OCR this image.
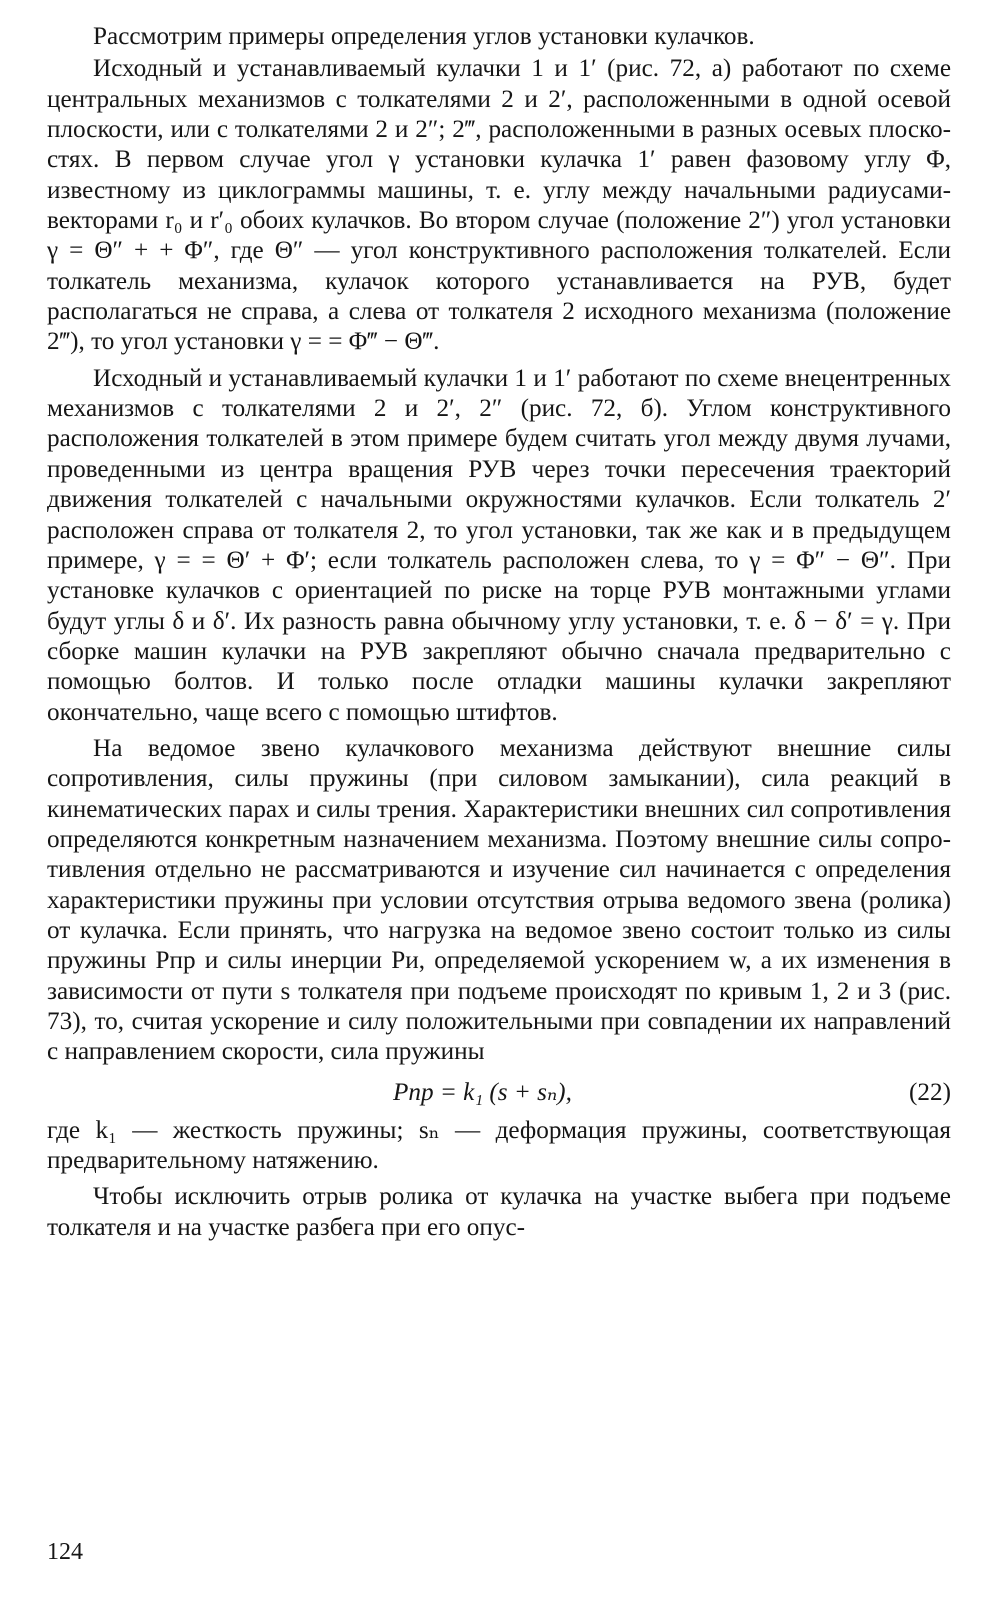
Рассмотрим примеры определения углов установки кулачков.

Исходный и устанавливаемый кулачки 1 и 1′ (рис. 72, а) работают по схеме центральных механизмов с толкателями 2 и 2′, расположенными в одной осевой плоскости, или с толкателями 2 и 2″; 2‴, расположенными в разных осевых плоскостях. В первом случае угол γ установки кулачка 1′ равен фазовому углу Φ, известному из циклограммы машины, т. е. углу между начальными радиусами-векторами r₀ и r′₀ обоих кулачков. Во втором случае (положение 2″) угол установки γ = Θ″ + + Φ″, где Θ″ — угол конструктивного расположения толкателей. Если толкатель механизма, кулачок которого устанавливается на РУВ, будет располагаться не справа, а слева от толкателя 2 исходного механизма (положение 2‴), то угол установки γ = = Φ‴ − Θ‴.

Исходный и устанавливаемый кулачки 1 и 1′ работают по схеме внецентренных механизмов с толкателями 2 и 2′, 2″ (рис. 72, б). Углом конструктивного расположения толкателей в этом примере будем считать угол между двумя лучами, проведенными из центра вращения РУВ через точки пересечения траекторий движения толкателей с начальными окружностями кулачков. Если толкатель 2′ расположен справа от толкателя 2, то угол установки, так же как и в предыдущем примере, γ = = Θ′ + Φ′; если толкатель расположен слева, то γ = Φ″ − Θ″. При установке кулачков с ориентацией по риске на торце РУВ монтажными углами будут углы δ и δ′. Их разность равна обычному углу установки, т. е. δ − δ′ = γ. При сборке машин кулачки на РУВ закрепляют обычно сначала предварительно с помощью болтов. И только после отладки машины кулачки закрепляют окончательно, чаще всего с помощью штифтов.

На ведомое звено кулачкового механизма действуют внешние силы сопротивления, силы пружины (при силовом замыкании), сила реакций в кинематических парах и силы трения. Характеристики внешних сил сопротивления определяются конкретным назначением механизма. Поэтому внешние силы сопротивления отдельно не рассматриваются и изучение сил начинается с определения характеристики пружины при условии отсутствия отрыва ведомого звена (ролика) от кулачка. Если принять, что нагрузка на ведомое звено состоит только из силы пружины Pпр и силы инерции Pи, определяемой ускорением w, а их изменения в зависимости от пути s толкателя при подъеме происходят по кривым 1, 2 и 3 (рис. 73), то, считая ускорение и силу положительными при совпадении их направлений с направлением скорости, сила пружины

Pпр = k₁ (s + sₙ),	(22)

где k₁ — жесткость пружины; sₙ — деформация пружины, соответствующая предварительному натяжению.

Чтобы исключить отрыв ролика от кулачка на участке выбега при подъеме толкателя и на участке разбега при его опус-

124
